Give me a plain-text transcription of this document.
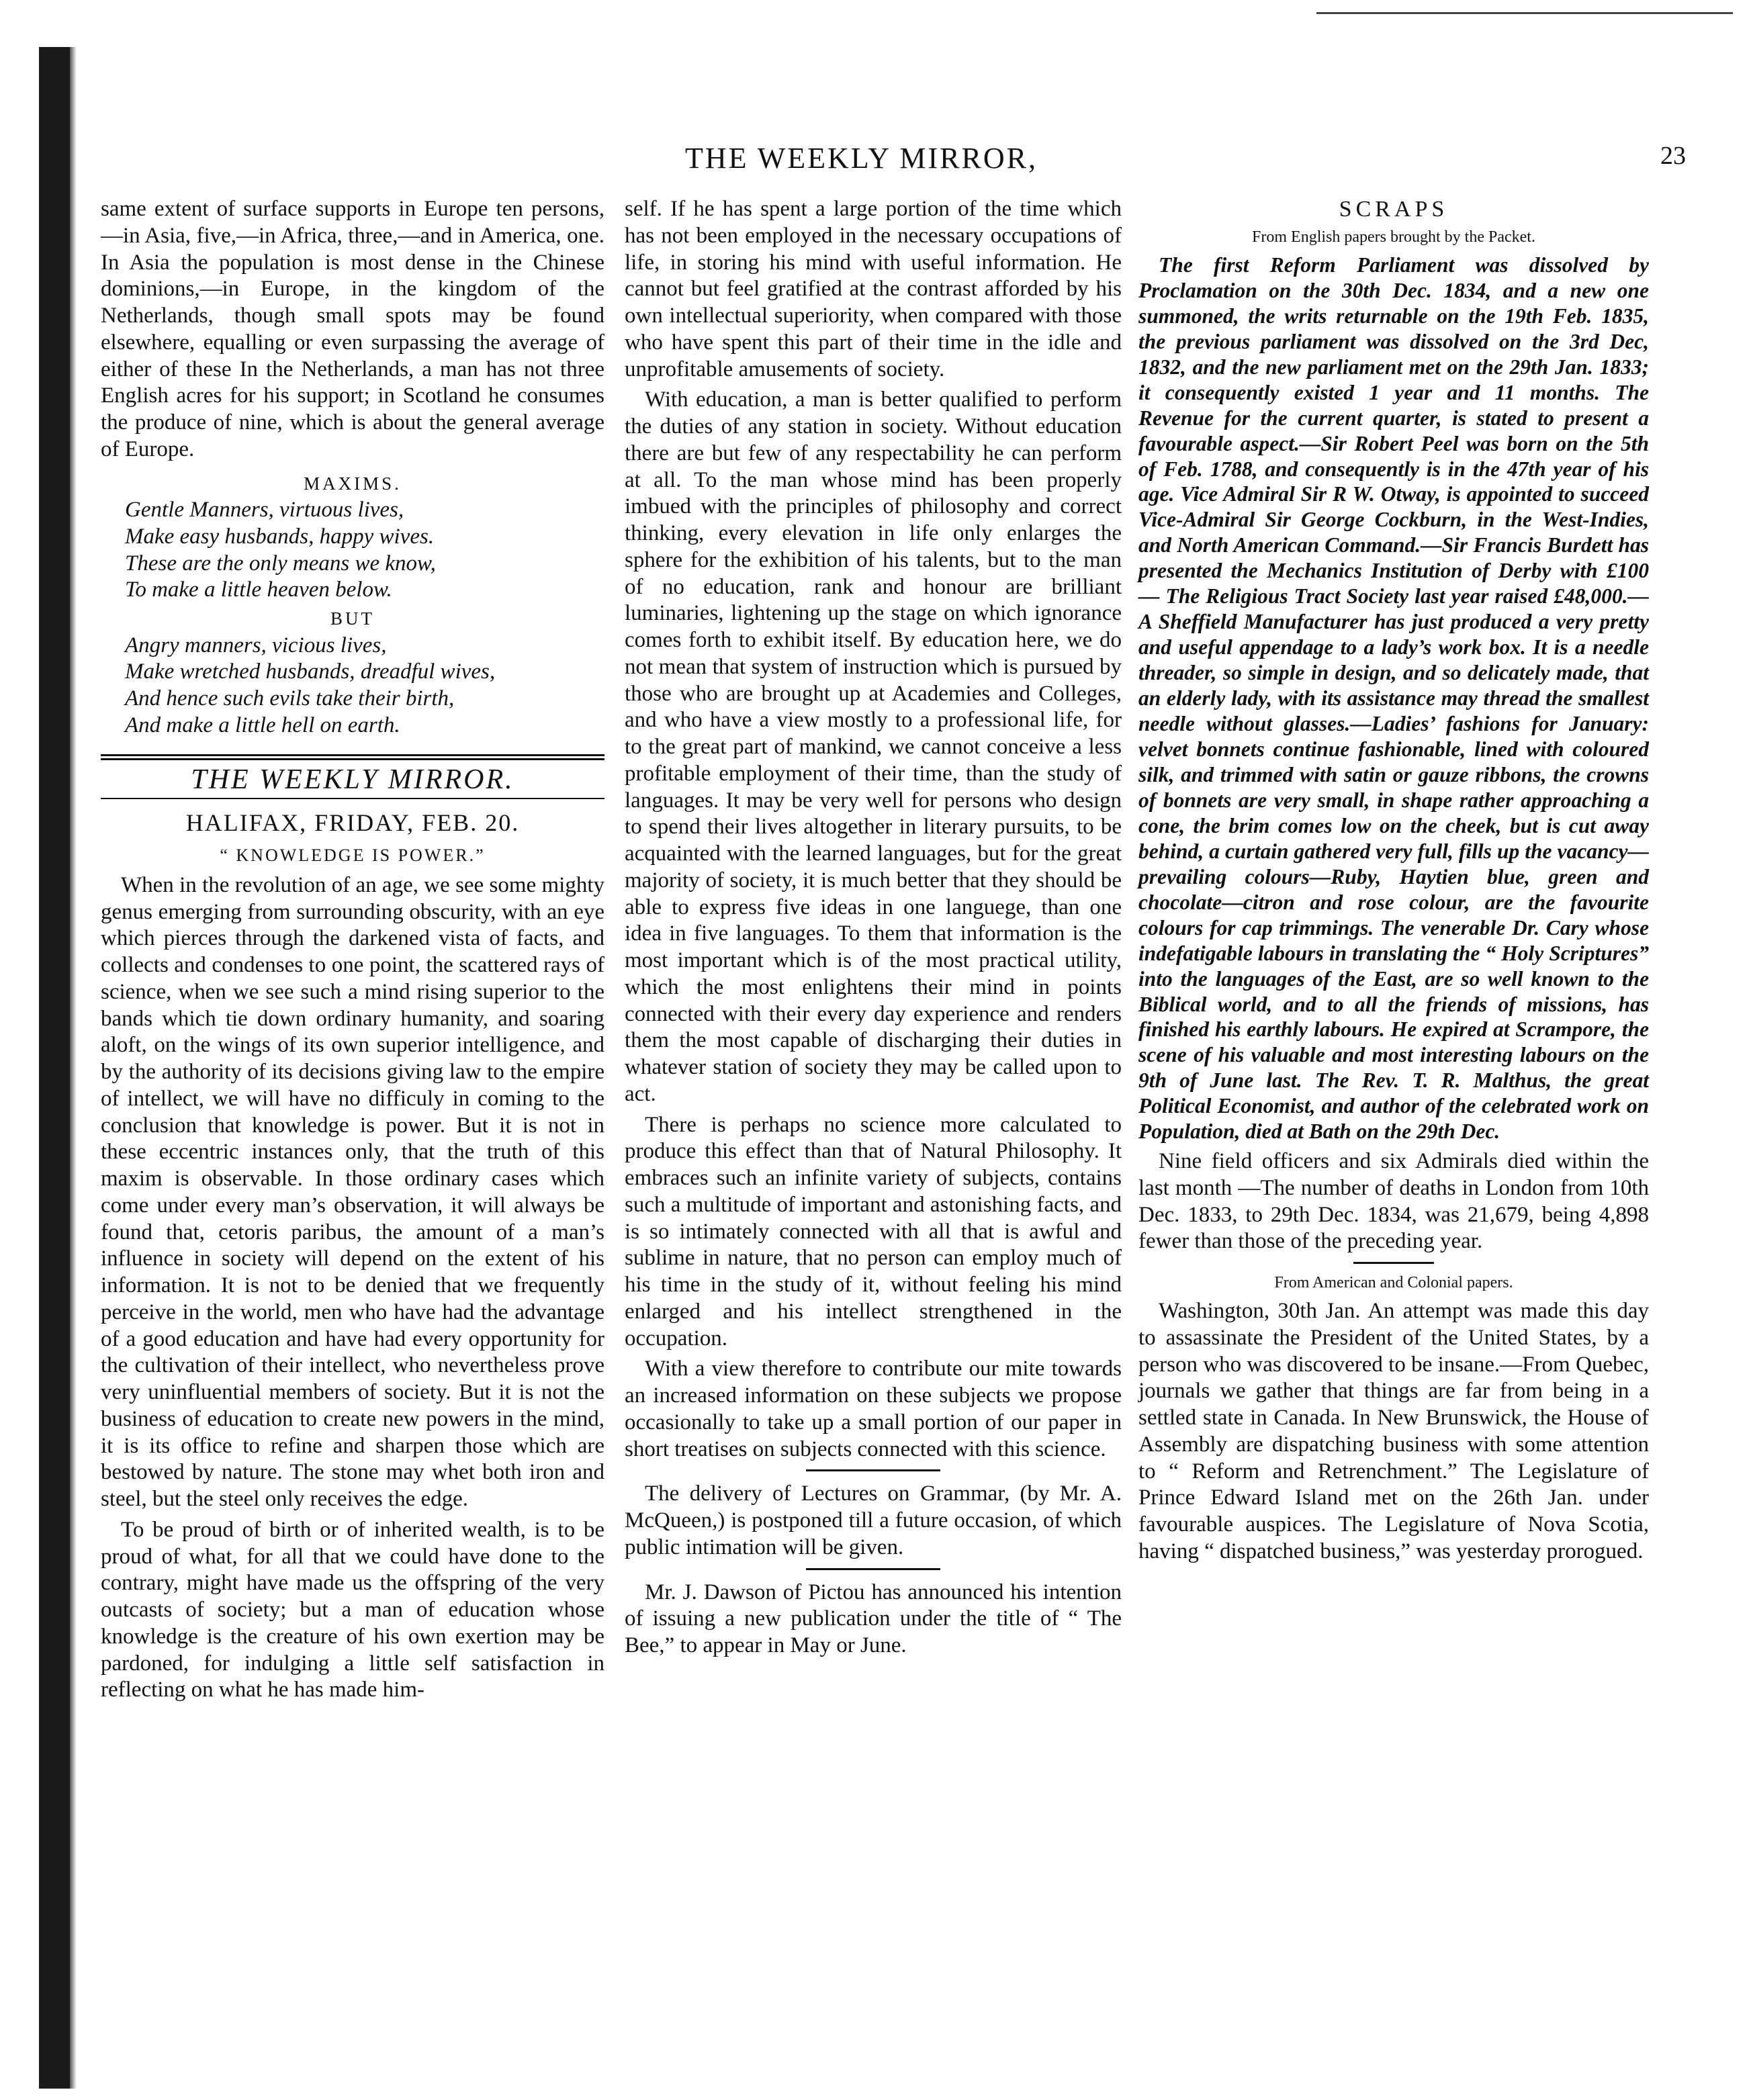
THE WEEKLY MIRROR,	23

same extent of surface supports in Europe ten persons,—in Asia, five,—in Africa, three,—and in America, one. In Asia the population is most dense in the Chinese dominions,—in Europe, in the kingdom of the Netherlands, though small spots may be found elsewhere, equalling or even surpassing the average of either of these In the Netherlands, a man has not three English acres for his support; in Scotland he consumes the produce of nine, which is about the general average of Europe.

MAXIMS.
Gentle Manners, virtuous lives,
Make easy husbands, happy wives.
These are the only means we know,
To make a little heaven below.
BUT
Angry manners, vicious lives,
Make wretched husbands, dreadful wives,
And hence such evils take their birth,
And make a little hell on earth.
THE WEEKLY MIRROR.
HALIFAX, FRIDAY, FEB. 20.
“ KNOWLEDGE IS POWER.”

When in the revolution of an age, we see some mighty genus emerging from surrounding obscurity, with an eye which pierces through the darkened vista of facts, and collects and condenses to one point, the scattered rays of science, when we see such a mind rising superior to the bands which tie down ordinary humanity, and soaring aloft, on the wings of its own superior intelligence, and by the authority of its decisions giving law to the empire of intellect, we will have no difficuly in coming to the conclusion that knowledge is power. But it is not in these eccentric instances only, that the truth of this maxim is observable. In those ordinary cases which come under every man’s observation, it will always be found that, cetoris paribus, the amount of a man’s influence in society will depend on the extent of his information. It is not to be denied that we frequently perceive in the world, men who have had the advantage of a good education and have had every opportunity for the cultivation of their intellect, who nevertheless prove very uninfluential members of society. But it is not the business of education to create new powers in the mind, it is its office to refine and sharpen those which are bestowed by nature. The stone may whet both iron and steel, but the steel only receives the edge.

To be proud of birth or of inherited wealth, is to be proud of what, for all that we could have done to the contrary, might have made us the offspring of the very outcasts of society; but a man of education whose knowledge is the creature of his own exertion may be pardoned, for indulging a little self satisfaction in reflecting on what he has made him-

self. If he has spent a large portion of the time which has not been employed in the necessary occupations of life, in storing his mind with useful information. He cannot but feel gratified at the contrast afforded by his own intellectual superiority, when compared with those who have spent this part of their time in the idle and unprofitable amusements of society.

With education, a man is better qualified to perform the duties of any station in society. Without education there are but few of any respectability he can perform at all. To the man whose mind has been properly imbued with the principles of philosophy and correct thinking, every elevation in life only enlarges the sphere for the exhibition of his talents, but to the man of no education, rank and honour are brilliant luminaries, lightening up the stage on which ignorance comes forth to exhibit itself. By education here, we do not mean that system of instruction which is pursued by those who are brought up at Academies and Colleges, and who have a view mostly to a professional life, for to the great part of mankind, we cannot conceive a less profitable employment of their time, than the study of languages. It may be very well for persons who design to spend their lives altogether in literary pursuits, to be acquainted with the learned languages, but for the great majority of society, it is much better that they should be able to express five ideas in one languege, than one idea in five languages. To them that information is the most important which is of the most practical utility, which the most enlightens their mind in points connected with their every day experience and renders them the most capable of discharging their duties in whatever station of society they may be called upon to act.

There is perhaps no science more calculated to produce this effect than that of Natural Philosophy. It embraces such an infinite variety of subjects, contains such a multitude of important and astonishing facts, and is so intimately connected with all that is awful and sublime in nature, that no person can employ much of his time in the study of it, without feeling his mind enlarged and his intellect strengthened in the occupation.

With a view therefore to contribute our mite towards an increased information on these subjects we propose occasionally to take up a small portion of our paper in short treatises on subjects connected with this science.

The delivery of Lectures on Grammar, (by Mr. A. McQueen,) is postponed till a future occasion, of which public intimation will be given.

Mr. J. Dawson of Pictou has announced his intention of issuing a new publication under the title of “ The Bee,” to appear in May or June.

SCRAPS
From English papers brought by the Packet.

The first Reform Parliament was dissolved by Proclamation on the 30th Dec. 1834, and a new one summoned, the writs returnable on the 19th Feb. 1835, the previous parliament was dissolved on the 3rd Dec, 1832, and the new parliament met on the 29th Jan. 1833; it consequently existed 1 year and 11 months. The Revenue for the current quarter, is stated to present a favourable aspect.—Sir Robert Peel was born on the 5th of Feb. 1788, and consequently is in the 47th year of his age. Vice Admiral Sir R W. Otway, is appointed to succeed Vice-Admiral Sir George Cockburn, in the West-Indies, and North American Command.—Sir Francis Burdett has presented the Mechanics Institution of Derby with £100 — The Religious Tract Society last year raised £48,000.—A Sheffield Manufacturer has just produced a very pretty and useful appendage to a lady’s work box. It is a needle threader, so simple in design, and so delicately made, that an elderly lady, with its assistance may thread the smallest needle without glasses.—Ladies’ fashions for January: velvet bonnets continue fashionable, lined with coloured silk, and trimmed with satin or gauze ribbons, the crowns of bonnets are very small, in shape rather approaching a cone, the brim comes low on the cheek, but is cut away behind, a curtain gathered very full, fills up the vacancy—prevailing colours—Ruby, Haytien blue, green and chocolate—citron and rose colour, are the favourite colours for cap trimmings. The venerable Dr. Cary whose indefatigable labours in translating the “ Holy Scriptures” into the languages of the East, are so well known to the Biblical world, and to all the friends of missions, has finished his earthly labours. He expired at Scrampore, the scene of his valuable and most interesting labours on the 9th of June last. The Rev. T. R. Malthus, the great Political Economist, and author of the celebrated work on Population, died at Bath on the 29th Dec.

Nine field officers and six Admirals died within the last month —The number of deaths in London from 10th Dec. 1833, to 29th Dec. 1834, was 21,679, being 4,898 fewer than those of the preceding year.

From American and Colonial papers.

Washington, 30th Jan. An attempt was made this day to assassinate the President of the United States, by a person who was discovered to be insane.—From Quebec, journals we gather that things are far from being in a settled state in Canada. In New Brunswick, the House of Assembly are dispatching business with some attention to “ Reform and Retrenchment.” The Legislature of Prince Edward Island met on the 26th Jan. under favourable auspices. The Legislature of Nova Scotia, having “ dispatched business,” was yesterday prorogued.
